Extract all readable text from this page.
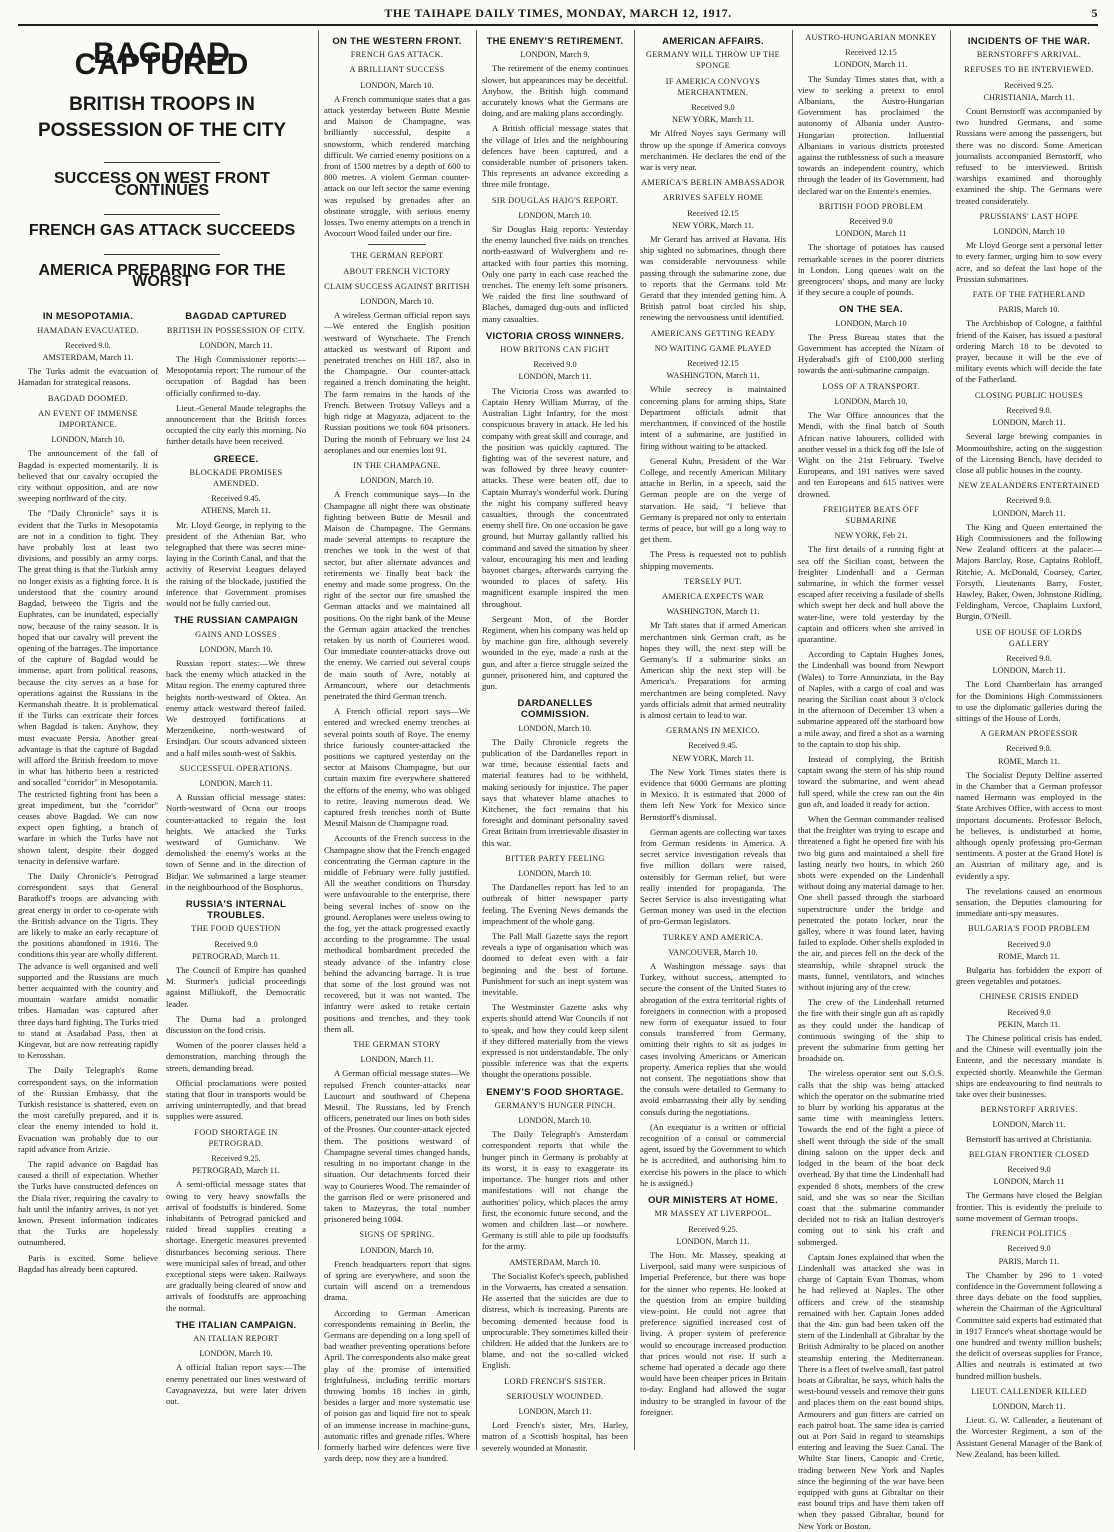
THE TAIHAPE DAILY TIMES, MONDAY, MARCH 12, 1917.	5
BAGDAD CAPTURED
BRITISH TROOPS IN POSSESSION OF THE CITY
SUCCESS ON WEST FRONT CONTINUES
FRENCH GAS ATTACK SUCCEEDS
AMERICA PREPARING FOR THE WORST
IN MESOPOTAMIA.
HAMADAN EVACUATED.
Received 9.0.
AMSTERDAM, March 11.

The Turks admit the evacuation of Hamadan for strategical reasons.

BAGDAD DOOMED.
AN EVENT OF IMMENSE IMPORTANCE.
LONDON, March 10.

The announcement of the fall of Bagdad is expected momentarily. It is believed that our cavalry occupied the city without opposition, and are now sweeping northward of the city.

The "Daily Chronicle" says it is evident that the Turks in Mesopotamia are not in a condition to fight. They have probably lost at least two divisions, and possibly an army corps. The great thing is that the Turkish army no longer exists as a fighting force. It is understood that the country around Bagdad, between the Tigris and the Euphrates, can be inundated, especially now, because of the rainy season. It is hoped that our cavalry will prevent the opening of the barrages. The importance of the capture of Bagdad would be immense, apart from political reasons, because the city serves as a base for operations against the Russians in the Kermanshah theatre. It is problematical if the Turks can extricate their forces when Bagdad is taken. Anyhow, they must evacuate Persia. Another great advantage is that the capture of Bagdad will afford the British freedom to move in what has hitherto been a restricted and socalled "corridor" in Mesopotamia. The restricted fighting front has been a great impediment, but the "corridor" ceases above Bagdad. We can now expect open fighting, a branch of warfare in which the Turks have not shown talent, despite their dogged tenacity in defensive warfare.

The Daily Chronicle's Petrograd correspondent says that General Baratkoff's troops are advancing with great energy in order to co-operate with the British advance on the Tigris. They are likely to make an early recapture of the positions abandoned in 1916. The conditions this year are wholly different. The advance is well organised and well supported and the Russians are much better acquainted with the country and mountain warfare amidst nomadic tribes. Hamadan was captured after three days hard fighting. The Turks tried to stand at Asadabad Pass, then at Kingevar, but are now retreating rapidly to Kerosshan.

The Daily Telegraph's Rome correspondent says, on the information of the Russian Embassy, that the Turkish resistance is shattered, even on the most carefully prepared, and it is clear the enemy intended to hold it. Evacuation was probably due to our rapid advance from Arizie.

The rapid advance on Bagdad has caused a thrill of expectation. Whether the Turks have constructed defences on the Diala river, requiring the cavalry to halt until the infantry arrives, is not yet known. Present information indicates that the Turks are hopelessly outnumbered.

Paris is excited. Some believe Bagdad has already been captured.

BAGDAD CAPTURED
BRITISH IN POSSESSION OF CITY.
LONDON, March 11.

The High Commissioner reports:— Mesopotamia report: The rumour of the occupation of Bagdad has been officially confirmed to-day.

Lieut.-General Maude telegraphs the announcement that the British forces occupied the city early this morning. No further details have been received.

GREECE.
BLOCKADE PROMISES AMENDED.
Received 9.45.
ATHENS, March 11.

Mr. Lloyd George, in replying to the president of the Athenian Bar, who telegraphed that there was secret mine-laying in the Corinth Canal, and that the activity of Reservist Leagues delayed the raising of the blockade, justified the inference that Government promises would not be fully carried out.

THE RUSSIAN CAMPAIGN
GAINS AND LOSSES
LONDON, March 10.

Russian report states:—We threw back the enemy which attacked in the Mitau region. The enemy captured three heights north-westward of Oktea. An enemy attack westward thereof failed. We destroyed fortifications at Merzenikeine, north-westward of Ersindjan. Our scouts advanced sixteen and a half miles south-west of Sakhis.

SUCCESSFUL OPERATIONS.
LONDON, March 11.

A Russian official message states: North-westward of Ocna our troops counter-attacked to regain the lost heights. We attacked the Turks westward of Gumichanv. We demolished the enemy's works at the town of Senne and in the direction of Bidjar. We submarined a large steamer in the neighbourhood of the Bosphorus.

RUSSIA'S INTERNAL TROUBLES.
THE FOOD QUESTION
Received 9.0
PETROGRAD, March 11.

The Council of Empire has quashed M. Sturmer's judicial proceedings against Milliukoff, the Democratic leader.

The Duma had a prolonged discussion on the food crisis.

Women of the poorer classes held a demonstration, marching through the streets, demanding bread.

Official proclamations were posted stating that flour in transports would be arriving uninterruptedly, and that bread supplies were assured.

FOOD SHORTAGE IN PETROGRAD.
Received 9.25.
PETROGRAD, March 11.

A semi-official message states that owing to very heavy snowfalls the arrival of foodstuffs is hindered. Some inhabitants of Petrograd panicked and raided bread supplies creating a shortage. Energetic measures prevented disturbances becoming serious. There were municipal sales of bread, and other exceptional steps were taken. Railways are gradually being cleared of snow and arrivals of foodstuffs are approaching the normal.

THE ITALIAN CAMPAIGN.
AN ITALIAN REPORT
LONDON, March 10.

A official Italian report says:—The enemy penetrated our lines westward of Cavagnavezza, but were later driven out.

ON THE WESTERN FRONT.
FRENCH GAS ATTACK.
A BRILLIANT SUCCESS
LONDON, March 10.

A French communique states that a gas attack yesterday between Butte Mesnie and Maison de Champagne, was brilliantly successful, despite a snowstorm, which rendered marching difficult. We carried enemy positions on a front of 1500 metres by a depth of 600 to 800 metres. A violent German counter-attack on our left sector the same evening was repulsed by grenades after an obstinate struggle, with serious enemy losses. Two enemy attempts on a trench in Avocourt Wood failed under our fire.

THE GERMAN REPORT
ABOUT FRENCH VICTORY
CLAIM SUCCESS AGAINST BRITISH
LONDON, March 10.

A wireless German official report says—We entered the English position westward of Wytschaete. The French attacked us westward of Ripont and penetrated trenches on Hill 187, also in the Champagne. Our counter-attack regained a trench dominating the height. The farm remains in the hands of the French. Between Trotsuy Valleys and a high ridge at Magyaza, adjacent to the Russian positions we took 604 prisoners. During the month of February we lost 24 aeroplanes and our enemies lost 91.

IN THE CHAMPAGNE.
LONDON, March 10.

A French communique says—In the Champagne all night there was obstinate fighting between Butte de Mesnil and Maison de Champagne. The Germans made several attempts to recapture the trenches we took in the west of that sector, but after alternate advances and retirements we finally beat back the enemy and made some progress. On the right of the sector our fire smashed the German attacks and we maintained all positions. On the right bank of the Meuse the German again attacked the trenches retaken by us north of Courieres wood. Our immediate counter-attacks drove out the enemy. We carried out several coups de main south of Avre, notably at Armancourt, where our detachments penetrated the third German trench.

A French official report says—We entered and wrecked enemy trenches at several points south of Roye. The enemy thrice furiously counter-attacked the positions we captured yesterday on the sector at Maisons Champagne, but our curtain maxim fire everywhere shattered the efforts of the enemy, who was obliged to retire, leaving numerous dead. We captured fresh trenches north of Butte Mesnil Maison de Champagne road.

Accounts of the French success in the Champagne show that the French engaged concentrating the German capture in the middle of February were fully justified. All the weather conditions on Thursday were unfavourable to the enterprise, there being several inches of snow on the ground. Aeroplanes were useless owing to the fog, yet the attack progressed exactly according to the programme. The usual methodical bombardment preceded the steady advance of the infantry close behind the advancing barrage. It is true that some of the lost ground was not recovered, but it was not wanted. The infantry were asked to retake certain positions and trenches, and they took them all.

THE GERMAN STORY
LONDON, March 11.

A German official message states—We repulsed French counter-attacks near Laucourt and southward of Chepena Mesnil. The Russians, led by French officers, penetrated our lines on both sides of the Prosnes. Our counter-attack ejected them. The positions westward of Champagne several times changed hands, resulting in no important change in the situation. Our detachments forced their way to Courieres Wood. The remainder of the garrison fled or were prisonered and taken to Mazeyras, the total number prisonered being 1004.

SIGNS OF SPRING.
LONDON, March 10.

French headquarters report that signs of spring are everywhere, and soon the curtain will ascend on a tremendous drama.

According to German American correspondents remaining in Berlin, the Germans are depending on a long spell of bad weather preventing operations before April. The correspondents also make great play of the promise of intensified frightfulness, including terrific mortars throwing bombs 18 inches in girth, besides a larger and more systematic use of poison gas and liquid fire not to speak of an immense increase in machine-guns, automatic rifles and grenade rifles. Where formerly barbed wire defences were five yards deep, now they are a hundred.

THE ENEMY'S RETIREMENT.
LONDON, March 9.

The retirement of the enemy continues slower, but appearances may be deceitful. Anyhow, the British high command accurately knows what the Germans are doing, and are making plans accordingly.

A British official message states that the village of Irles and the neighbouring defences have been captured, and a considerable number of prisoners taken. This represents an advance exceeding a three mile frontage.

SIR DOUGLAS HAIG'S REPORT.
LONDON, March 10.

Sir Douglas Haig reports: Yesterday the enemy launched five raids on trenches north-eastward of Wulverghem and re-attacked with four parties this morning. Only one party in each case reached the trenches. The enemy left some prisoners. We raided the first line southward of Blaches, damaged dug-outs and inflicted many casualties.

VICTORIA CROSS WINNERS.
HOW BRITONS CAN FIGHT
Received 9.0
LONDON, March 11.

The Victoria Cross was awarded to Captain Henry William Murray, of the Australian Light Infantry, for the most conspicuous bravery in attack. He led his company with great skill and courage, and the position was quickly captured. The fighting was of the severest nature, and was followed by three heavy counter-attacks. These were beaten off, due to Captain Murray's wonderful work. During the night his company suffered heavy casualties, through the concentrated enemy shell fire. On one occasion he gave ground, but Murray gallantly rallied his command and saved the situation by sheer valour, encouraging his men and leading bayonet charges, afterwards carrying the wounded to places of safety. His magnificent example inspired the men throughout.

Sergeant Mott, of the Border Regiment, when his company was held up by machine gun fire, although severely wounded in the eye, made a rush at the gun, and after a fierce struggle seized the gunner, prisonered him, and captured the gun.

DARDANELLES COMMISSION.
LONDON, March 10.

The Daily Chronicle regrets the publication of the Dardanelles report in war time, because essential facts and material features had to be withheld, making seriously for injustice. The paper says that whatever blame attaches to Kitchener, the fact remains that his foresight and dominant personality saved Great Britain from irretrievable disaster in this war.

BITTER PARTY FEELING
LONDON, March 10.

The Dardanelles report has led to an outbreak of bitter newspaper party feeling. The Evening News demands the impeachment of the whole gang.

The Pall Mall Gazette says the report reveals a type of organisation which was doomed to defeat even with a fair beginning and the best of fortune. Punishment for such an inept system was inevitable.

The Westminster Gazette asks why experts should attend War Councils if not to speak, and how they could keep silent if they differed materially from the views expressed is not understandable. The only possible inference was that the experts thought the operations possible.

ENEMY'S FOOD SHORTAGE.
GERMANY'S HUNGER PINCH.
LONDON, March 10.

The Daily Telegraph's Amsterdam correspondent reports that while the hunger pinch in Germany is probably at its worst, it is easy to exaggerate its importance. The hunger riots and other manifestations will not change the authorities' policy, which places the army first, the economic future second, and the women and children last—or nowhere. Germany is still able to pile up foodstuffs for the army.

AMSTERDAM, March 10.

The Socialist Kofer's speech, published in the Vorwaerts, has created a sensation. He asserted that the suicides are due to distress, which is increasing. Parents are becoming demented because food is unprocurable. They sometimes killed their children. He added that the Junkers are to blame, and not the so-called wicked English.

LORD FRENCH'S SISTER.
SERIOUSLY WOUNDED.
LONDON, March 11.

Lord French's sister, Mrs. Harley, matron of a Scottish hospital, has been severely wounded at Monastir.

AMERICAN AFFAIRS.
GERMANY WILL THROW UP THE SPONGE
IF AMERICA CONVOYS MERCHANTMEN.
Received 9.0
NEW YORK, March 11.

Mr Alfred Noyes says Germany will throw up the sponge if America convoys merchantmen. He declares the end of the war is very near.

AMERICA'S BERLIN AMBASSADOR
ARRIVES SAFELY HOME
Received 12.15
NEW YORK, March 11.

Mr Gerard has arrived at Havana. His ship sighted no submarines, though there was considerable nervousness while passing through the submarine zone, due to reports that the Germans told Mr Gerard that they intended getting him. A British patrol boat circled his ship, renewing the nervousness until identified.

AMERICANS GETTING READY
NO WAITING GAME PLAYED
Received 12.15
WASHINGTON, March 11.

While secrecy is maintained concerning plans for arming ships, State Department officials admit that merchantmen, if convinced of the hostile intent of a submarine, are justified in firing without waiting to be attacked.

General Kuhn, President of the War College, and recently American Military attache in Berlin, in a speech, said the German people are on the verge of starvation. He said, "I believe that Germany is prepared not only to entertain terms of peace, but will go a long way to get them.

The Press is requested not to publish shipping movements.

TERSELY PUT.
AMERICA EXPECTS WAR
WASHINGTON, March 11.

Mr Taft states that if armed American merchantmen sink German craft, as he hopes they will, the next step will be Germany's. If a submarine sinks an American ship the next step will be America's. Preparations for arming merchantmen are being completed. Navy yards officials admit that armed neutrality is almost certain to lead to war.

GERMANS IN MEXICO.
Received 9.45.
NEW YORK, March 11.

The New York Times states there is evidence that 6000 Germans are plotting in Mexico. It is estimated that 2000 of them left New York for Mexico since Bernstorff's dismissal.

German agents are collecting war taxes from German residents in America. A secret service investigation reveals that five million dollars were raised, ostensibly for German relief, but were really intended for propaganda. The Secret Service is also investigating what German money was used in the election of pro-German legislators.

TURKEY AND AMERICA.
VANCOUVER, March 10.

A Washington message says that Turkey, without success, attempted to secure the consent of the United States to abrogation of the extra territorial rights of foreigners in connection with a proposed new form of exequatur issued to four consuls transferred from Germany, omitting their rights to sit as judges in cases involving Americans or American property. America replies that she would not consent. The negotiations show that the consuls were detailed to Germany to avoid embarrassing their ally by sending consuls during the negotiations.

(An exequatur is a written or official recognition of a consul or commercial agent, issued by the Government to which he is accredited, and authorising him to exercise his powers in the place to which he is assigned.)

OUR MINISTERS AT HOME.
MR MASSEY AT LIVERPOOL.
Received 9.25.
LONDON, March 11.

The Hon. Mr. Massey, speaking at Liverpool, said many were suspicious of Imperial Preference, but there was hope for the sinner who repents. He looked at the question from an empire building view-point. He could not agree that preference signified increased cost of living. A proper system of preference would so encourage increased production that prices would not rise. If such a scheme had operated a decade ago there would have been cheaper prices in Britain to-day. England had allowed the sugar industry to be strangled in favour of the foreigner.

AUSTRO-HUNGARIAN MONKEY
Received 12.15
LONDON, March 11.

The Sunday Times states that, with a view to seeking a pretext to enrol Albanians, the Austro-Hungarian Government has proclaimed the autonomy of Albania under Austro-Hungarian protection. Influential Albanians in various districts protested against the ruthlessness of such a measure towards an independent country, which through the leader of its Government, had declared war on the Entente's enemies.

BRITISH FOOD PROBLEM
Received 9.0
LONDON, March 11

The shortage of potatoes has caused remarkable scenes in the poorer districts in London. Long queues wait on the greengrocers' shops, and many are lucky if they secure a couple of pounds.

ON THE SEA.
LONDON, March 10

The Press Bureau states that the Government has accepted the Nizam of Hyderabad's gift of £100,000 sterling towards the anti-submarine campaign.

LOSS OF A TRANSPORT.
LONDON, March 10.

The War Office announces that the Mendi, with the final batch of South African native labourers, collided with another vessel in a thick fog off the Isle of Wight on the 21st February. Twelve Europeans, and 191 natives were saved and ten Europeans and 615 natives were drowned.

FREIGHTER BEATS OFF SUBMARINE
NEW YORK, Feb 21.

The first details of a running fight at sea off the Sicilian coast, between the freighter Lindenhall and a German submarine, in which the former vessel escaped after receiving a fusilade of shells which swept her deck and hull above the water-line, were told yesterday by the captain and officers when she arrived in quarantine.

According to Captain Hughes Jones, the Lindenhall was bound from Newport (Wales) to Torre Annunziata, in the Bay of Naples, with a cargo of coal and was nearing the Sicilian coast about 3 o'clock in the afternoon of December 13 when a submarine appeared off the starboard bow a mile away, and fired a shot as a warning to the captain to stop his ship.

Instead of complying, the British captain swung the stern of his ship round toward the submarine, and went ahead full speed, while the crew ran out the 4in gun aft, and loaded it ready for action.

When the German commander realised that the freighter was trying to escape and threatened a fight he opened fire with his two big guns and maintained a shell fire lasting nearly two hours, in which 260 shots were expended on the Lindenhall without doing any material damage to her. One shell passed through the starboard superstructure under the bridge and penetrated the potato locker, near the galley, where it was found later, having failed to explode. Other shells exploded in the air, and pieces fell on the deck of the steamship, while shrapnel struck the masts, funnel, ventilators, and winches without injuring any of the crew.

The crew of the Lindenhall returned the fire with their single gun aft as rapidly as they could under the handicap of continuous swinging of the ship to prevent the submarine from getting her broadside on.

The wireless operator sent out S.O.S. calls that the ship was being attacked which the operator on the submarine tried to blurr by working his apparatus at the same time with meaningless letters. Towards the end of the fight a piece of shell went through the side of the small dining saloon on the upper deck and lodged in the beam of the boat deck overhead. By that time the Lindenhall had expended 8 shots, members of the crew said, and she was so near the Sicilian coast that the submarine commander decided not to risk an Italian destroyer's coming out to sink his craft and submerged.

Captain Jones explained that when the Lindenhall was attacked she was in charge of Captain Evan Thomas, whom he had relieved at Naples. The other officers and crew of the steamship remained with her. Captain Jones added that the 4in. gun had been taken off the stern of the Lindenhall at Gibraltar by the British Admiralty to be placed on another steamship entering the Mediterranean. There is a fleet of twelve small, fast patrol boats at Gibraltar, he says, which halts the west-bound vessels and remove their guns and places them on the east bound ships. Armourers and gun fitters are carried on each patrol boat. The same idea is carried out at Port Said in regard to steamships entering and leaving the Suez Canal. The Whilte Star liners, Canopic and Cretic, trading between New York and Naples since the beginning of the war have been equipped with guns at Gibraltar on their east bound trips and have them taken off when they passed Gibraltar, bound for New York or Boston.

INCIDENTS OF THE WAR.
BERNSTORFF'S ARRIVAL.
REFUSES TO BE INTERVIEWED.
Received 9.25.
CHRISTIANIA, March 11.

Count Bernstorff was accompanied by two hundred Germans, and some Russians were among the passengers, but there was no discord. Some American journalists accompanied Bernstorff, who refused to be interviewed. British warships examined and thoroughly examined the ship. The Germans were treated considerately.

PRUSSIANS' LAST HOPE
LONDON, March 10

Mr Lloyd George sent a personal letter to every farmer, urging him to sow every acre, and so defeat the last hope of the Prussian submarines.

FATE OF THE FATHERLAND
PARIS, March 10.

The Archbishop of Cologne, a faithful friend of the Kaiser, has issued a pastoral ordering March 18 to be devoted to prayer, because it will be the eve of military events which will decide the fate of the Fatherland.

CLOSING PUBLIC HOUSES
Received 9.0.
LONDON, March 11.

Several large brewing companies in Monmouthshire, acting on the suggestion of the Licensing Bench, have decided to close all public houses in the county.

NEW ZEALANDERS ENTERTAINED
Received 9.0.
LONDON, March 11.

The King and Queen entertained the High Commissioners and the following New Zealand officers at the palace:—Majors Barclay, Rose, Captains Robloff, Ritchie, A. McDonald, Coursey, Carter, Forsyth, Lieutenants Barry, Foster, Hawley, Baker, Owen, Johnstone Ridling, Feldingham, Vercoe, Chaplains Luxford, Burgin, O'Neill.

USE OF HOUSE OF LORDS GALLERY
Received 9.0.
LONDON, March 11.

The Lord Chamberlain has arranged for the Dominions High Commissioners to use the diplomatic galleries during the sittings of the House of Lords.

A GERMAN PROFESSOR
Received 9.0.
ROME, March 11.

The Socialist Deputy Delfine asserted in the Chamber that a German professor named Hermann was employed in the State Archives Office, with access to most important documents. Professor Beloch, he believes, is undisturbed at home, although openly professing pro-German sentiments. A poster at the Grand Hotel is an Austrian of military age, and is evidently a spy.

The revelations caused an enormous sensation, the Deputies clamouring for immediate anti-spy measures.

BULGARIA'S FOOD PROBLEM
Received 9.0
ROME, March 11.

Bulgaria has forbidden the export of green vegetables and potatoes.

CHINESE CRISIS ENDED
Received 9.0
PEKIN, March 11.

The Chinese political crisis has ended, and the Chinese will eventually join the Entente, and the necessary mandate is expected shortly. Meanwhile the German ships are endeavouring to find neutrals to take over their businesses.

BERNSTORFF ARRIVES.
LONDON, March 11.

Bernstorff has arrived at Christiania.

BELGIAN FRONTIER CLOSED
Received 9.0
LONDON, March 11

The Germans have closed the Belgian frontier. This is evidently the prelude to some movement of German troops.

FRENCH POLITICS
Received 9.0
PARIS, March 11.

The Chamber by 296 to 1 voted confidence in the Government following a three days debate on the food supplies, wherein the Chairman of the Agricultural Committee said experts had estimated that in 1917 France's wheat shortage would be one hundred and twenty million bushels; the deficit of overseas supplies for France, Allies and neutrals is estimated at two hundred million bushels.

LIEUT. CALLENDER KILLED
LONDON, March 11.

Lieut. G. W. Callender, a lieutenant of the Worcester Regiment, a son of the Assistant General Manager of the Bank of New Zealand, has been killed.
